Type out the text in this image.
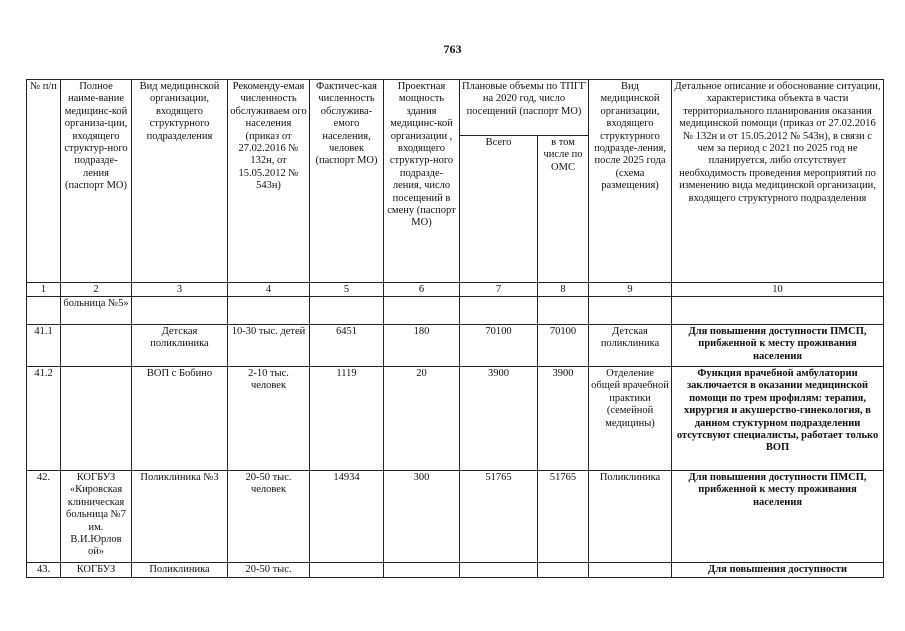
763
№ п/п	Полное наиме-вание медицинс-кой организа-ции, входящего структур-ного подразде-ления (паспорт МО)	Вид медицинской организации, входящего структурного подразделения	Рекоменду-емая численность обслуживаем ого населения (приказ от 27.02.2016 № 132н, от 15.05.2012 № 543н)	Фактичес-кая численность обслужива-емого населения, человек (паспорт МО)	Проектная мощность здания медицинс-кой организации , входящего структур-ного подразде-ления, число посещений в смену (паспорт МО)	Плановые объемы по ТПГГ на 2020 год, число посещений (паспорт МО)		Вид медицинской организации, входящего структурного подразде-ления, после 2025 года (схема размещения)	Детальное описание и обоснование ситуации, характеристика объекта в части территориального планирования оказания медицинской помощи (приказ от 27.02.2016 № 132н и от 15.05.2012 № 543н), в связи с чем за период с 2021 по 2025 год не планируется, либо отсутствует необходимость проведения мероприятий по изменению вида медицинской организации, входящего структурного подразделения
						Всего	в том числе по ОМС		
1	2	3	4	5	6	7	8	9	10
	больница №5»								
41.1		Детская поликлиника	10-30 тыс. детей	6451	180	70100	70100	Детская поликлиника	Для повышения доступности ПМСП, прибженной к месту проживания населения
41.2		ВОП с Бобино	2-10 тыс. человек	1119	20	3900	3900	Отделение общей врачебной практики (семейной медицины)	Функция врачебной амбулатории заключается в оказании медицинской помощи по трем профилям: терапия, хирургия и акушерство-гинекология, в данном стуктурном подразделении отсутсвуют специалисты, работает только ВОП
42.	КОГБУЗ «Кировская клиническая больница №7 им. В.И.Юрлов ой»	Поликлиника №3	20-50 тыс. человек	14934	300	51765	51765	Поликлиника	Для повышения доступности ПМСП, прибженной к месту проживания населения
43.	КОГБУЗ	Поликлиника	20-50 тыс.						Для повышения доступности
